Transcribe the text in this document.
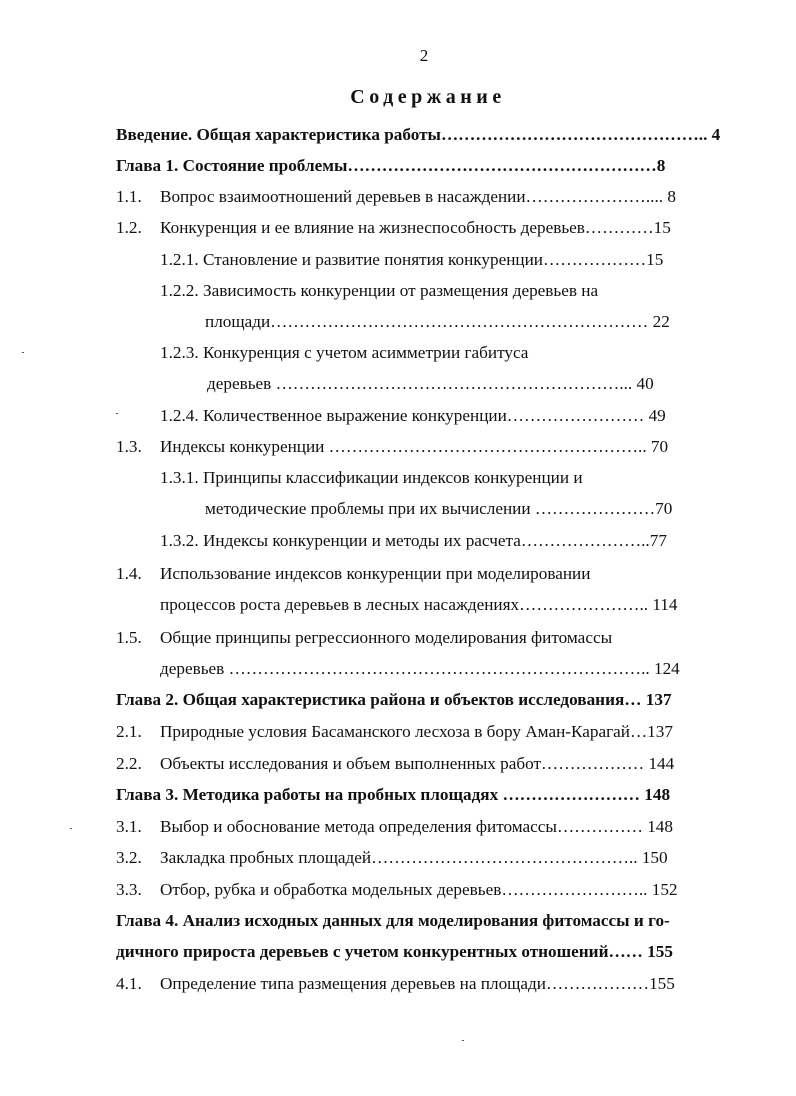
2
Содержание
Введение. Общая характеристика работы……………………………………….. 4
Глава 1. Состояние проблемы………………………………………………8
1.1. Вопрос взаимоотношений деревьев в насаждении………………….... 8
1.2. Конкуренция и ее влияние на жизнеспособность деревьев…………15
1.2.1. Становление и развитие понятия конкуренции………………15
1.2.2. Зависимость конкуренции от размещения деревьев на
площади………………………………………………………… 22
1.2.3. Конкуренция с учетом асимметрии габитуса
деревьев ……………………………………………………... 40
1.2.4. Количественное выражение конкуренции…………………… 49
1.3. Индексы конкуренции ……………………………………………….. 70
1.3.1. Принципы классификации индексов конкуренции и
методические проблемы при их вычислении …………………70
1.3.2. Индексы конкуренции и методы их расчета…………………..77
1.4. Использование индексов конкуренции при моделировании
процессов роста деревьев в лесных насаждениях………………….. 114
1.5. Общие принципы регрессионного моделирования фитомассы
деревьев ……………………………………………………………….. 124
Глава 2. Общая характеристика района и объектов исследования… 137
2.1. Природные условия Басаманского лесхоза в бору Аман-Карагай…137
2.2. Объекты исследования и объем выполненных работ……………… 144
Глава 3. Методика работы на пробных площадях …………………… 148
3.1. Выбор и обоснование метода определения фитомассы…………… 148
3.2. Закладка пробных площадей……………………………………….. 150
3.3. Отбор, рубка и обработка модельных деревьев…………………….. 152
Глава 4. Анализ исходных данных для моделирования фитомассы и го-
дичного прироста деревьев с учетом конкурентных отношений…… 155
4.1. Определение типа размещения деревьев на площади………………155
